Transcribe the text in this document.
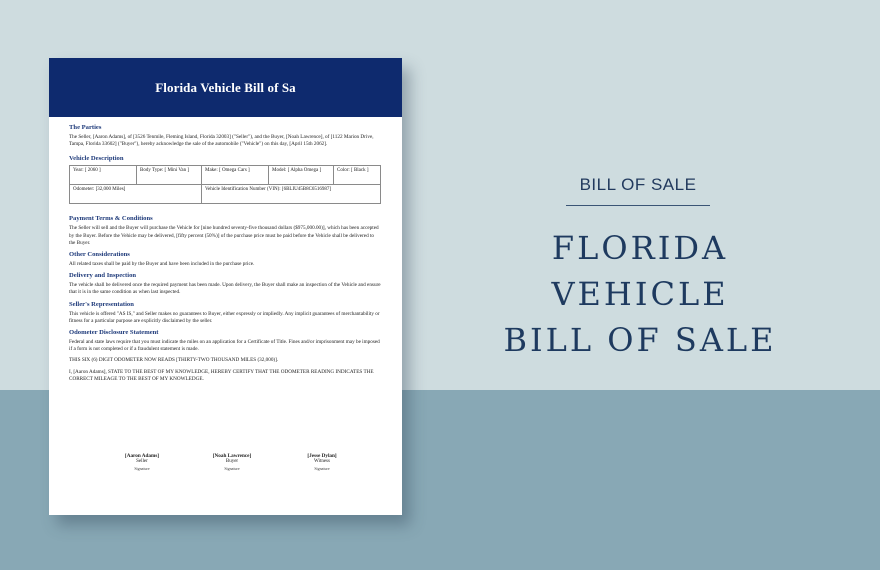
Florida Vehicle Bill of Sa
The Parties
The Seller, [Aaron Adams], of [3526 Tenmile, Fleming Island, Florida 32003] ("Seller"), and the Buyer, [Noah Lawrence], of [1122 Marion Drive, Tampa, Florida 33602] ("Buyer"), hereby acknowledge the sale of the automobile ("Vehicle") on this day, [April 15th 2062].
Vehicle Description
Year: [ 2060 ]	Body Type: [ Mini Van ]	Make: [ Omega Cars ]	Model: [ Alpha Omega ]	Color: [ Black ]
Odometer: [32,000 Miles]		Vehicle Identification Number (VIN): [6BLIU45B8C6516987]		
Payment Terms & Conditions
The Seller will sell and the Buyer will purchase the Vehicle for [nine hundred seventy-five thousand dollars ($975,000.00)], which has been accepted by the Buyer. Before the Vehicle may be delivered, [fifty percent (50%)] of the purchase price must be paid before the Vehicle shall be delivered to the Buyer.
Other Considerations
All related taxes shall be paid by the Buyer and have been included in the purchase price.
Delivery and Inspection
The vehicle shall be delivered once the required payment has been made. Upon delivery, the Buyer shall make an inspection of the Vehicle and ensure that it is in the same condition as when last inspected.
Seller's Representation
This vehicle is offered "AS IS," and Seller makes no guarantees to Buyer, either expressly or impliedly. Any implicit guarantees of merchantability or fitness for a particular purpose are explicitly disclaimed by the seller.
Odometer Disclosure Statement
Federal and state laws require that you must indicate the miles on an application for a Certificate of Title. Fines and/or imprisonment may be imposed if a form is not completed or if a fraudulent statement is made.
THIS SIX (6) DIGIT ODOMETER NOW READS [THIRTY-TWO THOUSAND MILES (32,000)].
I, [Aaron Adams], STATE TO THE BEST OF MY KNOWLEDGE, HEREBY CERTIFY THAT THE ODOMETER READING INDICATES THE CORRECT MILEAGE TO THE BEST OF MY KNOWLEDGE.
[Aaron Adams]
Seller
Signature
[Noah Lawrence]
Buyer
Signature
[Jesse Dylan]
Witness
Signature
BILL OF SALE
FLORIDA VEHICLE
BILL OF SALE
